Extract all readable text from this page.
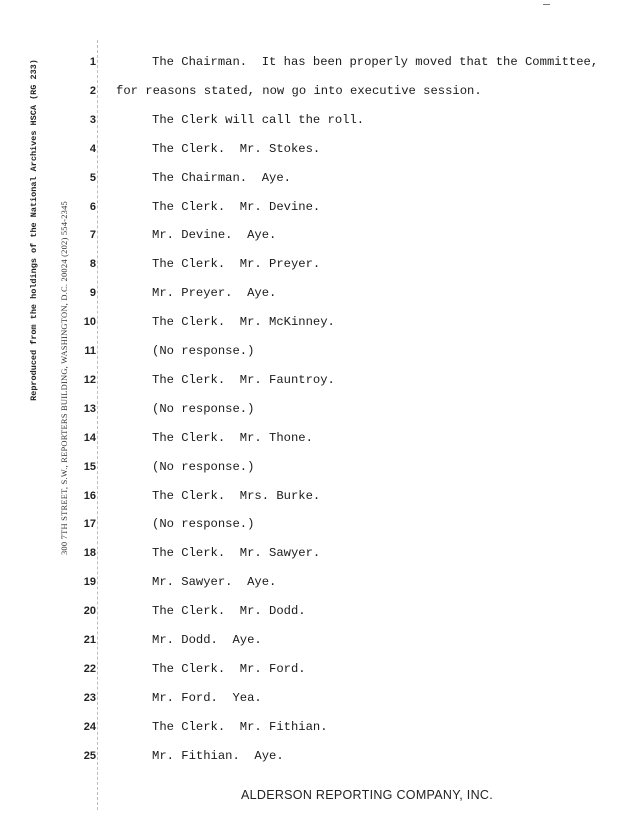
Reproduced from the holdings of the National Archives HSCA (RG 233) 300 7TH STREET, S.W., REPORTERS BUILDING, WASHINGTON, D.C. 20024 (202) 554-2345
1	The Chairman.  It has been properly moved that the Committee,
2 for reasons stated, now go into executive session.
3	The Clerk will call the roll.
4	The Clerk.  Mr. Stokes.
5	The Chairman.  Aye.
6	The Clerk.  Mr. Devine.
7	Mr. Devine.  Aye.
8	The Clerk.  Mr. Preyer.
9	Mr. Preyer.  Aye.
10	The Clerk.  Mr. McKinney.
11	(No response.)
12	The Clerk.  Mr. Fauntroy.
13	(No response.)
14	The Clerk.  Mr. Thone.
15	(No response.)
16	The Clerk.  Mrs. Burke.
17	(No response.)
18	The Clerk.  Mr. Sawyer.
19	Mr. Sawyer.  Aye.
20	The Clerk.  Mr. Dodd.
21	Mr. Dodd.  Aye.
22	The Clerk.  Mr. Ford.
23	Mr. Ford.  Yea.
24	The Clerk.  Mr. Fithian.
25	Mr. Fithian.  Aye.
ALDERSON REPORTING COMPANY, INC.
